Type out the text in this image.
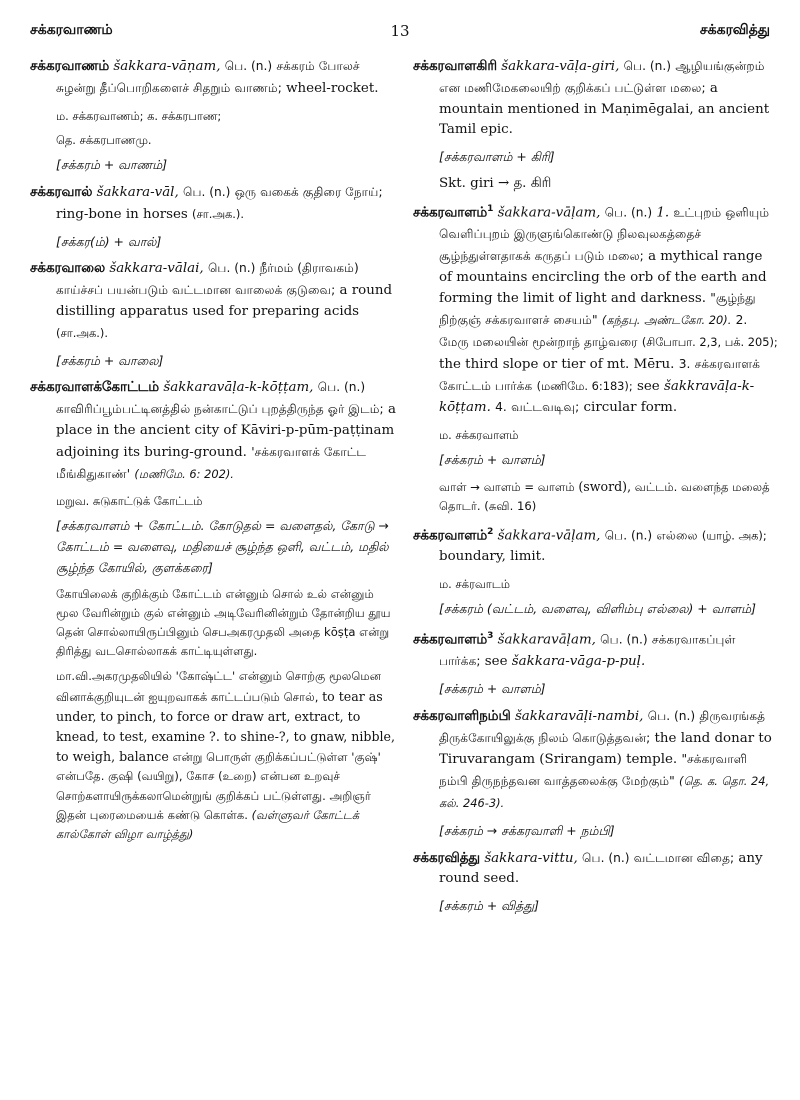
சக்கரவாணம்	13	சக்கரவித்து
சக்கரவாணம் šakkara-vāṇam, பெ. (n.) சக்கரம் போலச் சுழன்று தீப்பொறிகளைச் சிதறும் வாணம்; wheel-rocket.
ம. சக்கரவாணம்; க. சக்கரபாண;
தெ. சக்கரபாணமு.
[சக்கரம் + வாணம்]
சக்கரவால் šakkara-vāl, பெ. (n.) ஒரு வகைக் குதிரை நோய்; ring-bone in horses (சா.அக.).
[சக்கர(ம்) + வால்]
சக்கரவாலை šakkara-vālai, பெ. (n.) நீர்மம் (திராவகம்) காய்ச்சப் பயன்படும் வட்டமான வாலைக் குடுவை; a round distilling apparatus used for preparing acids (சா.அக.).
[சக்கரம் + வாலை]
சக்கரவாளக்கோட்டம் šakkaravāḷa-k-kōṭṭam, பெ. (n.) காவிரிப்பூம்பட்டினத்தில் நன்காட்டுப் புறத்திருந்த ஓர் இடம்; a place in the ancient city of Kāviri-p-pūm-paṭṭinam adjoining its buring-ground. 'சக்கரவாளக் கோட்ட மீங்கிதுகாண்' (மணிமே. 6: 202).
மறுவ. சுடுகாட்டுக் கோட்டம்
[சக்கரவாளம் + கோட்டம். கோடுதல் = வளைதல், கோடு → கோட்டம் = வளைவு, மதியைச் சூழ்ந்த ஒளி, வட்டம், மதில் சூழ்ந்த கோயில், குளக்கரை]
கோயிலைக் குறிக்கும் கோட்டம் என்னும் சொல் உல் என்னும் மூல வேரின்றும் குல் என்னும் அடிவேரினின்றும் தோன்றிய தூய தென் சொல்லாயிருப்பினும் செபஅகரமுதலி அதை kōṣṭa என்று திரித்து வடசொல்லாகக் காட்டியுள்ளது.
மா.வி.அகரமுதலியில் 'கோஷ்ட்ட' என்னும் சொற்கு மூலமென வினாக்குறியுடன் ஐயுறவாகக் காட்டப்படும் சொல், to tear as under, to pinch, to force or draw art, extract, to knead, to test, examine ?. to shine-?, to gnaw, nibble, to weigh, balance என்று பொருள் குறிக்கப்பட்டுள்ள 'குஷ்' என்பதே. குஷி (வயிறு), கோச (உறை) என்பன உறவுச் சொற்களாயிருக்கலாமென்றுங் குறிக்கப் பட்டுள்ளது. அறிஞர் இதன் புரைமையைக் கண்டு கொள்க. (வள்ளுவர் கோட்டக் கால்கோள் விழா வாழ்த்து)
சக்கரவாளகிரி šakkara-vāḷa-giri, பெ. (n.) ஆழியங்குன்றம் என மணிமேகலையிற் குறிக்கப் பட்டுள்ள மலை; a mountain mentioned in Maṇimēgalai, an ancient Tamil epic.
[சக்கரவாளம் + கிரி]
Skt. giri → த. கிரி
சக்கரவாளம்$^1$ šakkara-vāḷam, பெ. (n.) 1. உட்புறம் ஒளியும் வெளிப்புறம் இருளுங்கொண்டு நிலவுலகத்தைச் சூழ்ந்துள்ளதாகக் கருதப் படும் மலை; a mythical range of mountains encircling the orb of the earth and forming the limit of light and darkness. "சூழ்ந்து நிற்குஞ் சக்கரவாளச் சையம்" (கந்தபு. அண்டகோ. 20). 2. மேரு மலையின் மூன்றாந் தாழ்வரை (சிபோபா. 2,3, பக். 205); the third slope or tier of mt. Mēru. 3. சக்கரவாளக் கோட்டம் பார்க்க (மணிமே. 6:183); see šakkravāḷa-k-kōṭṭam. 4. வட்டவடிவு; circular form.
ம. சக்கரவாளம்
[சக்கரம் + வாளம்]
வாள் → வாளம் = வாளம் (sword), வட்டம். வளைந்த மலைத் தொடர். (சுவி. 16)
சக்கரவாளம்$^2$ šakkara-vāḷam, பெ. (n.) எல்லை (யாழ். அக); boundary, limit.
ம. சக்ரவாடம்
[சக்கரம் (வட்டம், வளைவு, விளிம்பு எல்லை) + வாளம்]
சக்கரவாளம்$^3$ šakkaravāḷam, பெ. (n.) சக்கரவாகப்புள் பார்க்க; see šakkara-vāga-p-puḷ.
[சக்கரம் + வாளம்]
சக்கரவாளிநம்பி šakkaravāḷi-nambi, பெ. (n.) திருவரங்கத் திருக்கோயிலுக்கு நிலம் கொடுத்தவன்; the land donar to Tiruvarangam (Srirangam) temple. "சக்கரவாளி நம்பி திருநந்தவன வாத்தலைக்கு மேற்கும்" (தெ. க. தொ. 24, கல். 246-3).
[சக்கரம் → சக்கரவாளி + நம்பி]
சக்கரவித்து šakkara-vittu, பெ. (n.) வட்டமான விதை; any round seed.
[சக்கரம் + வித்து]
